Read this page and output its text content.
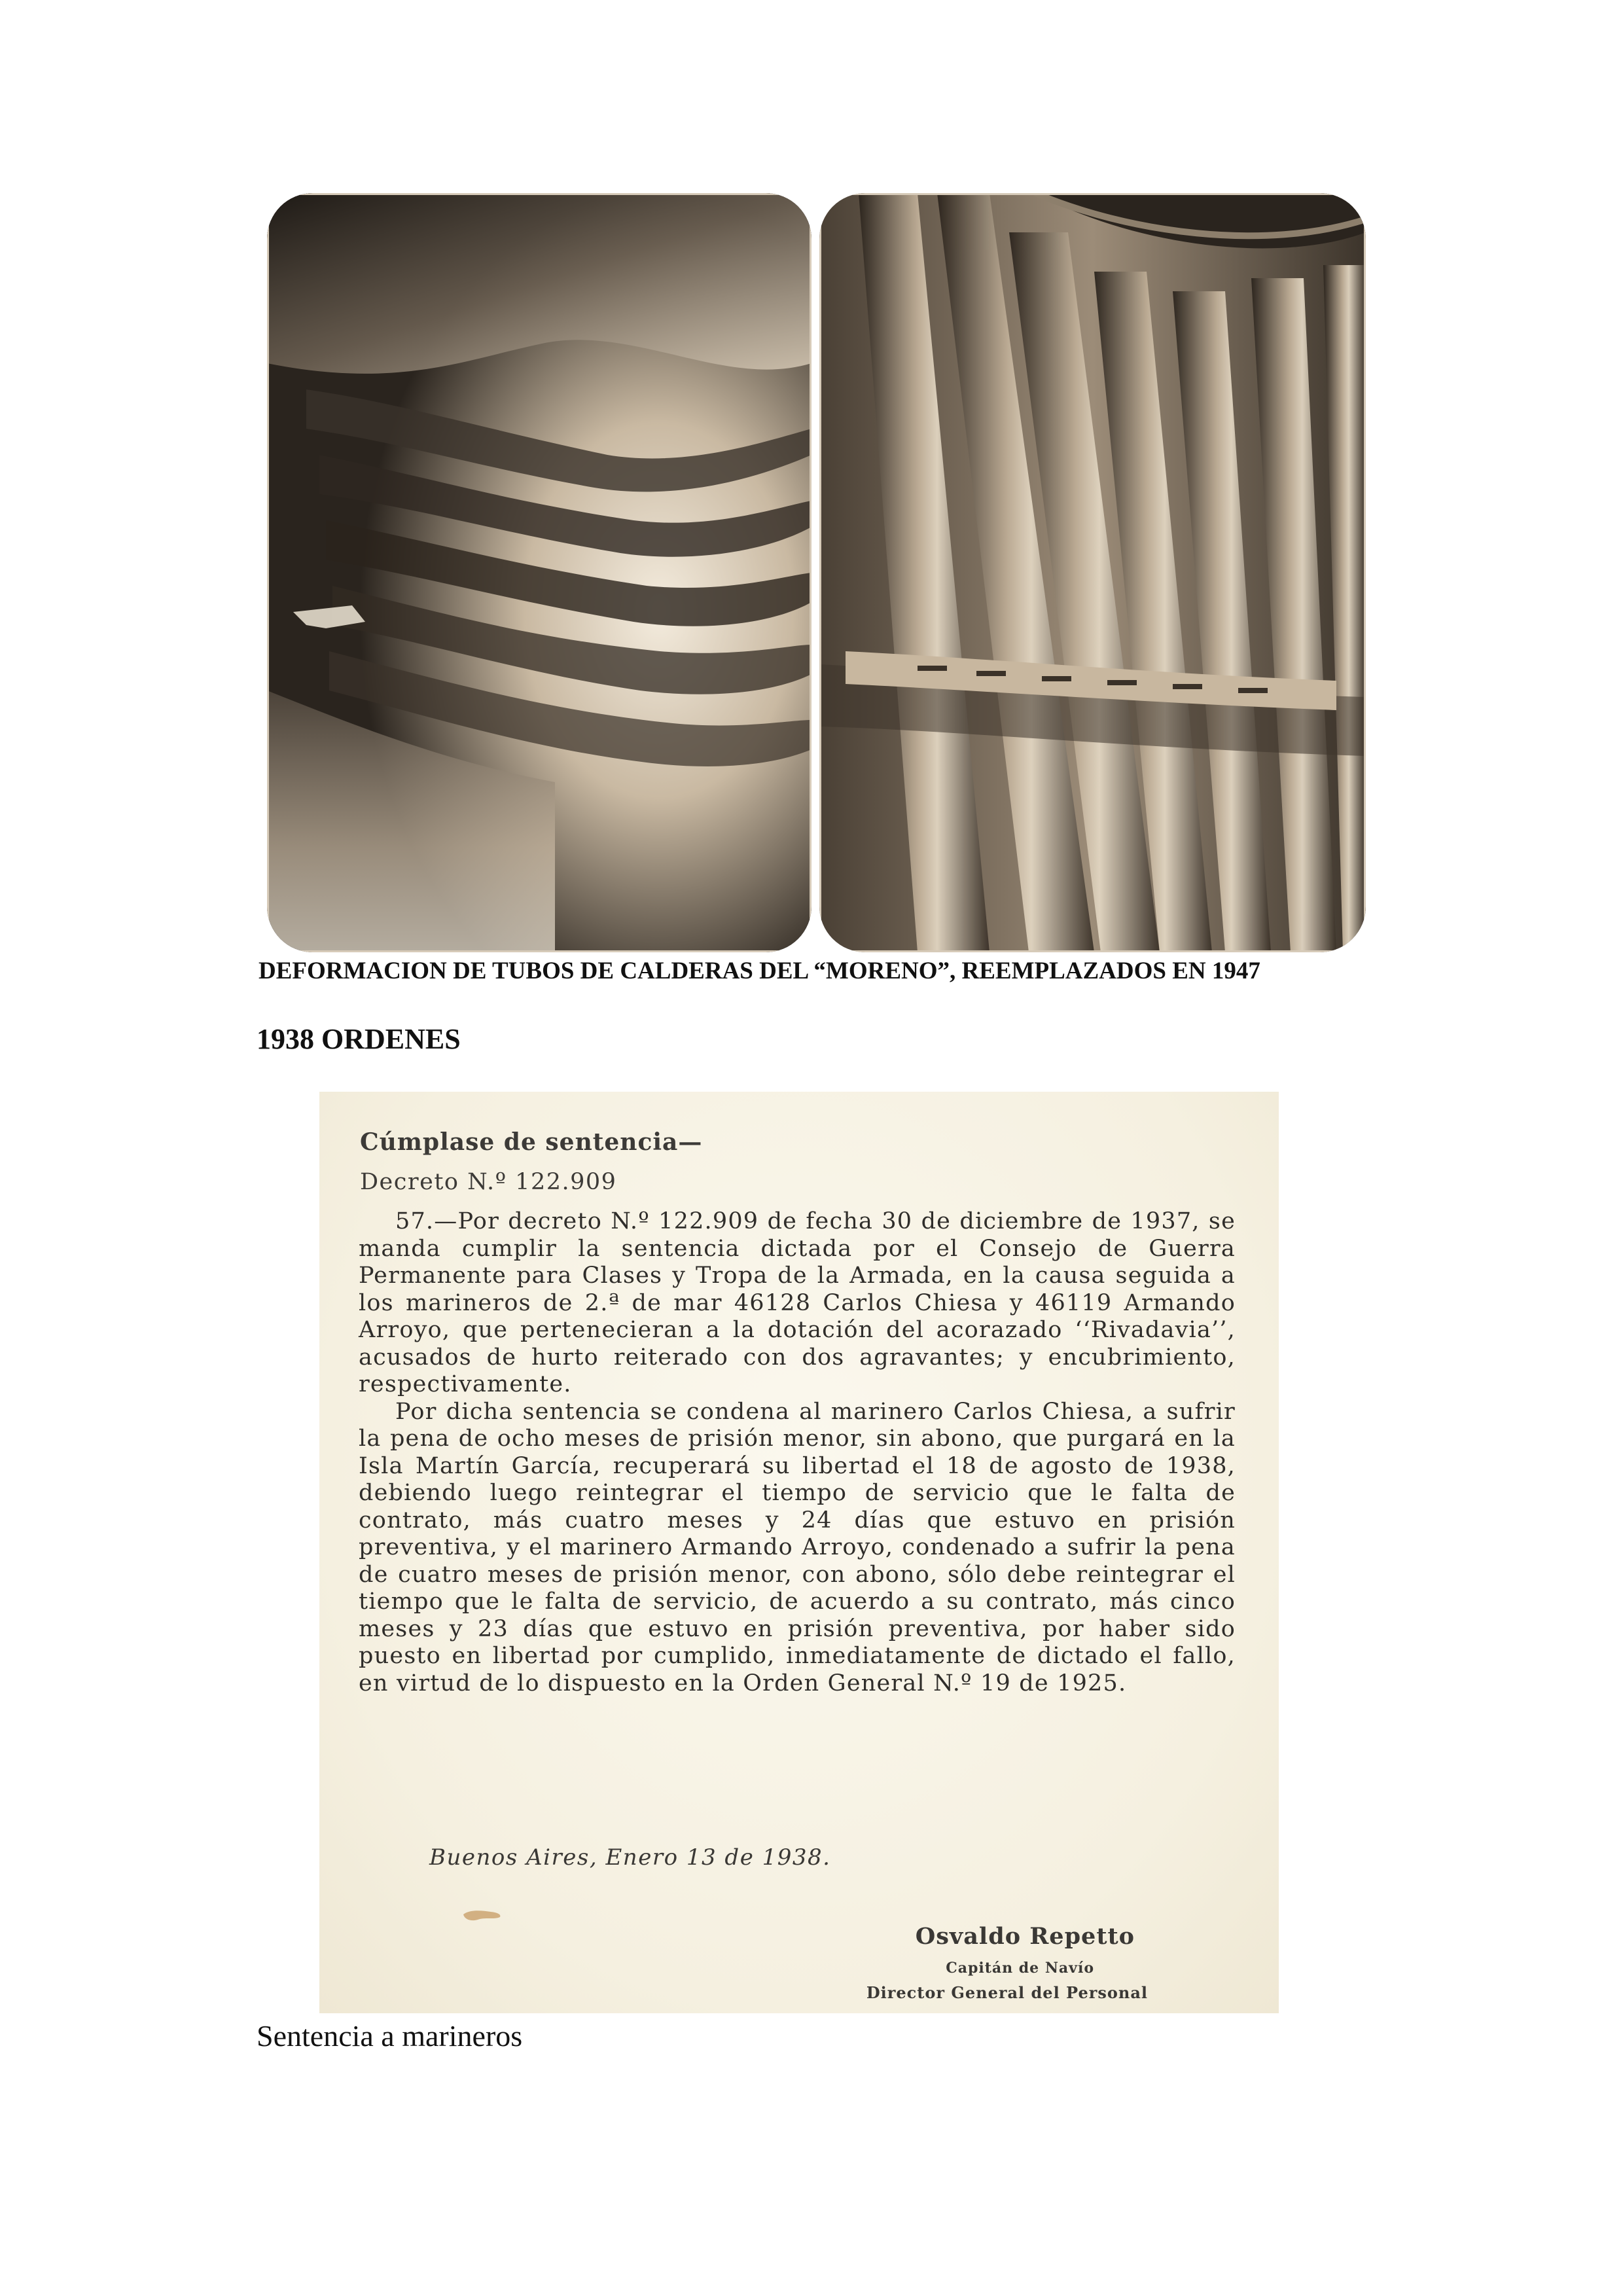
DEFORMACION DE TUBOS DE CALDERAS DEL “MORENO”, REEMPLAZADOS EN 1947
1938 ORDENES
Cúmplase de sentencia—
Decreto N.º 122.909

57.—Por decreto N.º 122.909 de fecha 30 de diciembre de 1937, se manda cumplir la sentencia dictada por el Consejo de Guerra Permanente para Clases y Tropa de la Armada, en la causa seguida a los marineros de 2.ª de mar 46128 Carlos Chiesa y 46119 Armando Arroyo, que pertenecieran a la dotación del acorazado ‘‘Rivadavia’’, acusados de hurto reiterado con dos agravantes; y encubrimiento, respectivamente.

Por dicha sentencia se condena al marinero Carlos Chiesa, a sufrir la pena de ocho meses de prisión menor, sin abono, que purgará en la Isla Martín García, recuperará su libertad el 18 de agosto de 1938, debiendo luego reintegrar el tiempo de servicio que le falta de contrato, más cuatro meses y 24 días que estuvo en prisión preventiva, y el marinero Armando Arroyo, condenado a sufrir la pena de cuatro meses de prisión menor, con abono, sólo debe reintegrar el tiempo que le falta de servicio, de acuerdo a su contrato, más cinco meses y 23 días que estuvo en prisión preventiva, por haber sido puesto en libertad por cumplido, inmediatamente de dictado el fallo, en virtud de lo dispuesto en la Orden General N.º 19 de 1925.

Buenos Aires, Enero 13 de 1938.
Osvaldo Repetto
Capitán de Navío
Director General del Personal
Sentencia a marineros
